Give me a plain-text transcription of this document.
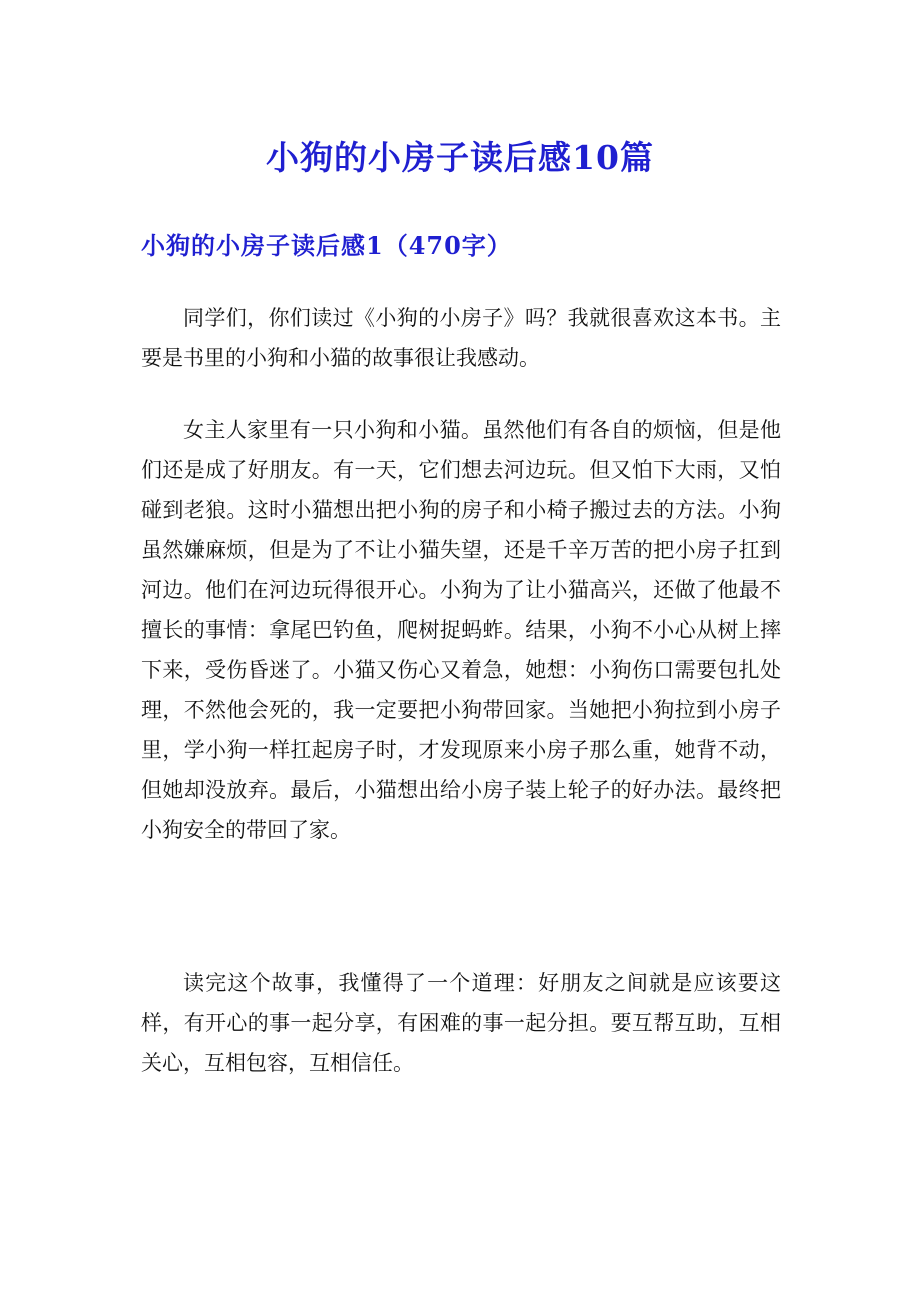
小狗的小房子读后感10篇
小狗的小房子读后感1（470字）

同学们，你们读过《小狗的小房子》吗？我就很喜欢这本书。主要是书里的小狗和小猫的故事很让我感动。

女主人家里有一只小狗和小猫。虽然他们有各自的烦恼，但是他们还是成了好朋友。有一天，它们想去河边玩。但又怕下大雨，又怕碰到老狼。这时小猫想出把小狗的房子和小椅子搬过去的方法。小狗虽然嫌麻烦，但是为了不让小猫失望，还是千辛万苦的把小房子扛到河边。他们在河边玩得很开心。小狗为了让小猫高兴，还做了他最不擅长的事情：拿尾巴钓鱼，爬树捉蚂蚱。结果，小狗不小心从树上摔下来，受伤昏迷了。小猫又伤心又着急，她想：小狗伤口需要包扎处理，不然他会死的，我一定要把小狗带回家。当她把小狗拉到小房子里，学小狗一样扛起房子时，才发现原来小房子那么重，她背不动，但她却没放弃。最后，小猫想出给小房子装上轮子的好办法。最终把小狗安全的带回了家。

读完这个故事，我懂得了一个道理：好朋友之间就是应该要这样，有开心的事一起分享，有困难的事一起分担。要互帮互助，互相关心，互相包容，互相信任。
